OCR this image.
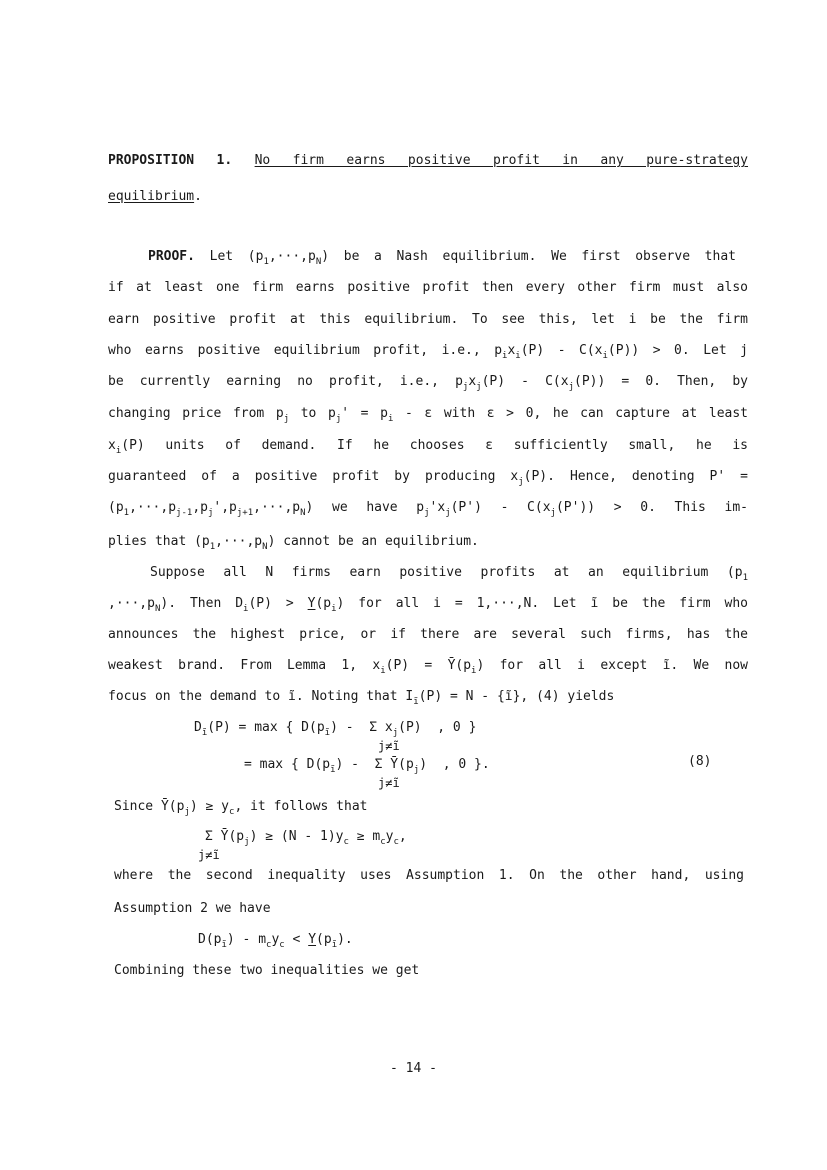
PROPOSITION 1. No firm earns positive profit in any pure-strategy
equilibrium.
PROOF. Let $(p_1,\cdot\cdot\cdot,p_N)$ be a Nash equilibrium. We first observe that
if at least one firm earns positive profit then every other firm must also
earn positive profit at this equilibrium. To see this, let i be the firm
who earns positive equilibrium profit, i.e., $p_ix_i(P) - C(x_i(P)) > 0$. Let j
be currently earning no profit, i.e., $p_jx_j(P) - C(x_j(P)) = 0$. Then, by
changing price from $p_j$ to $p_j' = p_i - \varepsilon$ with ε > 0, he can capture at least
$x_i(P)$ units of demand. If he chooses ε sufficiently small, he is
guaranteed of a positive profit by producing $x_j(P)$. Hence, denoting P' =
$(p_1,\cdot\cdot\cdot,p_{j-1},p_j',p_{j+1},\cdot\cdot\cdot,p_N)$ we have $p_j'x_j(P') - C(x_j(P')) > 0$. This im-
plies that $(p_1,\cdot\cdot\cdot,p_N)$ cannot be an equilibrium.
Suppose all N firms earn positive profits at an equilibrium ($p_1$
$,\cdot\cdot\cdot,p_N$). Then $D_i(P) > Y(p_i)$ for all i = 1,···,N. Let ĩ be the firm who
announces the highest price, or if there are several such firms, has the
weakest brand. From Lemma 1, $x_i(P)$ = $Ȳ(p_i)$ for all i except ĩ. We now
focus on the demand to ĩ. Noting that $I_ĩ(P) = N$ - {ĩ}, (4) yields
$D_ĩ(P) = \max$ { $D(p_ĩ)$ -  Σ $x_j(P)$  , 0 }
j≠ĩ
= max { $D(p_ĩ)$ -  Σ $Ȳ(p_j)$  , 0 }.
j≠ĩ
(8)
Since $Ȳ(p_j) \ge y_c$, it follows that
Σ $Ȳ(p_j) \ge (N - 1)y_c \ge m_cy_c$,
j≠ĩ
where the second inequality uses Assumption 1. On the other hand, using
Assumption 2 we have
$D(p_ĩ) - m_cy_c < Y(p_ĩ)$.
Combining these two inequalities we get
- 14 -
